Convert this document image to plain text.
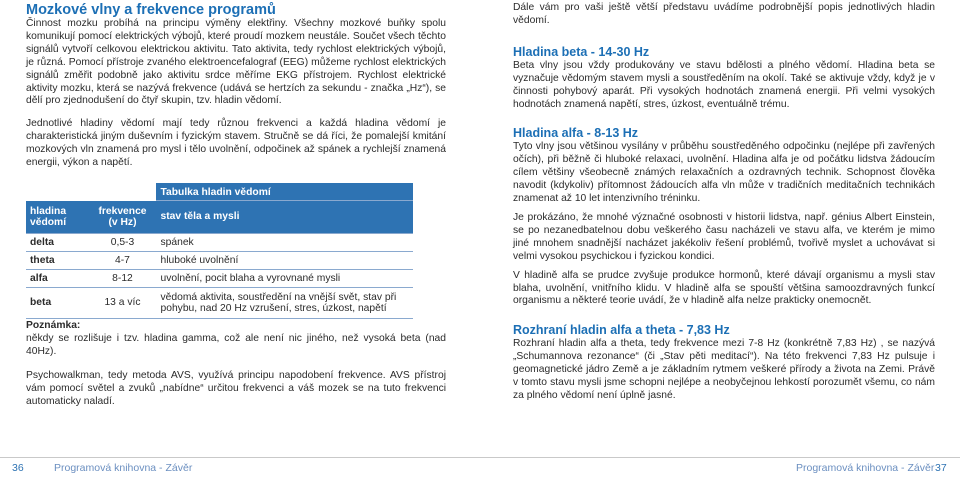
Mozkové vlny a frekvence programů

Činnost mozku probíhá na principu výměny elektřiny. Všechny mozkové buňky spolu komunikují pomocí elektrických výbojů, které proudí mozkem neustále. Součet všech těchto signálů vytvoří celkovou elektrickou aktivitu. Tato aktivita, tedy rychlost elektrických výbojů, je různá. Pomocí přístroje zvaného elektroencefalograf (EEG) můžeme rychlost elektrických signálů změřit podobně jako aktivitu srdce měříme EKG přístrojem. Rychlost elektrické aktivity mozku, která se nazývá frekvence (udává se hertzích za sekundu - značka „Hz“), se dělí pro zjednodušení do čtyř skupin, tzv. hladin vědomí.

Jednotlivé hladiny vědomí mají tedy různou frekvenci a každá hladina vědomí je charakteristická jiným duševním i fyzickým stavem. Stručně se dá říci, že pomalejší kmitání mozkových vln znamená pro mysl i tělo uvolnění, odpočinek až spánek a rychlejší znamená energii, výkon a napětí.

		Tabulka hladin vědomí
hladina vědomí	frekvence (v Hz)	stav těla a mysli
delta	0,5-3	spánek
theta	4-7	hluboké uvolnění
alfa	8-12	uvolnění, pocit blaha a vyrovnané mysli
beta	13 a víc	vědomá aktivita, soustředění na vnější svět, stav při pohybu, nad 20 Hz vzrušení, stres, úzkost, napětí
Poznámka:

někdy se rozlišuje i tzv. hladina gamma, což ale není nic jiného, než vysoká beta (nad 40Hz).

Psychowalkman, tedy metoda AVS, využívá principu napodobení frekvence. AVS přístroj vám pomocí světel a zvuků „nabídne“ určitou frekvenci a váš mozek se na tuto frekvenci automaticky naladí.

Dále vám pro vaši ještě větší představu uvádíme podrobnější popis jednotlivých hladin vědomí.

Hladina beta - 14-30 Hz

Beta vlny jsou vždy produkovány ve stavu bdělosti a plného vědomí. Hladina beta se vyznačuje vědomým stavem mysli a soustředěním na okolí. Také se aktivuje vždy, když je v činnosti pohybový aparát. Při vysokých hodnotách znamená energii. Při velmi vysokých hodnotách znamená napětí, stres, úzkost, eventuálně trému.

Hladina alfa - 8-13 Hz

Tyto vlny jsou většinou vysílány v průběhu soustředěného odpočinku (nejlépe při zavřených očích), při běžně či hluboké relaxaci, uvolnění. Hladina alfa je od počátku lidstva žádoucím cílem většiny všeobecně známých relaxačních a ozdravných technik. Schopnost člověka navodit (kdykoliv) přítomnost žádoucích alfa vln může v tradičních meditačních technikách znamenat až 10 let intenzivního tréninku.

Je prokázáno, že mnohé význačné osobnosti v historii lidstva, např. génius Albert Einstein, se po nezanedbatelnou dobu veškerého času nacházeli ve stavu alfa, ve kterém je mimo jiné mnohem snadnější nacházet jakékoliv řešení problémů, tvořivě myslet a uchovávat si velmi vysokou psychickou i fyzickou kondici.

V hladině alfa se prudce zvyšuje produkce hormonů, které dávají organismu a mysli stav blaha, uvolnění, vnitřního klidu. V hladině alfa se spouští většina samoozdravných funkcí organismu a některé teorie uvádí, že v hladině alfa nelze prakticky onemocnět.

Rozhraní hladin alfa a theta - 7,83 Hz

Rozhraní hladin alfa a theta, tedy frekvence mezi 7-8 Hz (konkrétně 7,83 Hz) , se nazývá „Schumannova rezonance“ (či „Stav pěti meditací“). Na této frekvenci 7,83 Hz pulsuje i geomagnetické jádro Země a je základním rytmem veškeré přírody a života na Zemi. Právě v tomto stavu mysli jsme schopni nejlépe a neobyčejnou lehkostí porozumět všemu, co nám za plného vědomí není úplně jasné.

36	Programová knihovna - Závěr	Programová knihovna - Závěr 37
